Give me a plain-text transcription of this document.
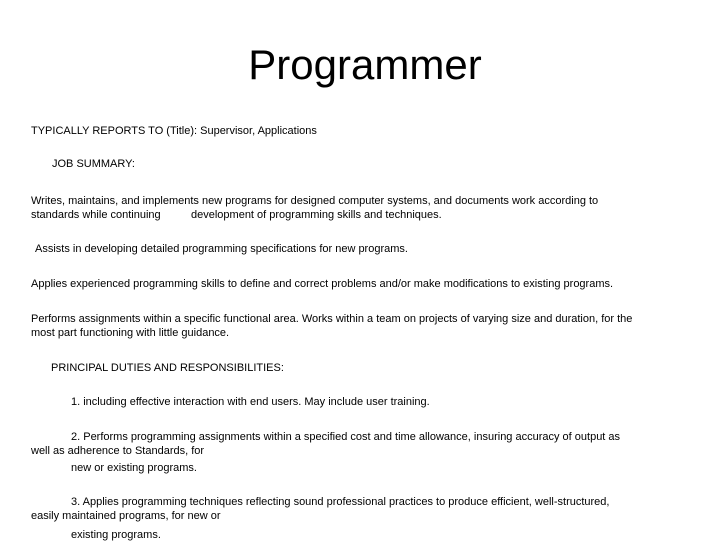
Programmer
TYPICALLY REPORTS TO (Title): Supervisor, Applications
JOB SUMMARY:
Writes, maintains, and implements new programs for designed computer systems, and documents work according to
standards while continuing	development of programming skills and techniques.
Assists in developing detailed programming specifications for new programs.
Applies experienced programming skills to define and correct problems and/or make modifications to existing programs.
Performs assignments within a specific functional area. Works within a team on projects of varying size and duration, for the
most part functioning with little guidance.
PRINCIPAL DUTIES AND RESPONSIBILITIES:
1. including effective interaction with end users. May include user training.
2. Performs programming assignments within a specified cost and time allowance, insuring accuracy of output as
well as adherence to Standards, for
new or existing programs.
3. Applies programming techniques reflecting sound professional practices to produce efficient, well-structured,
easily maintained programs, for new or
existing programs.
